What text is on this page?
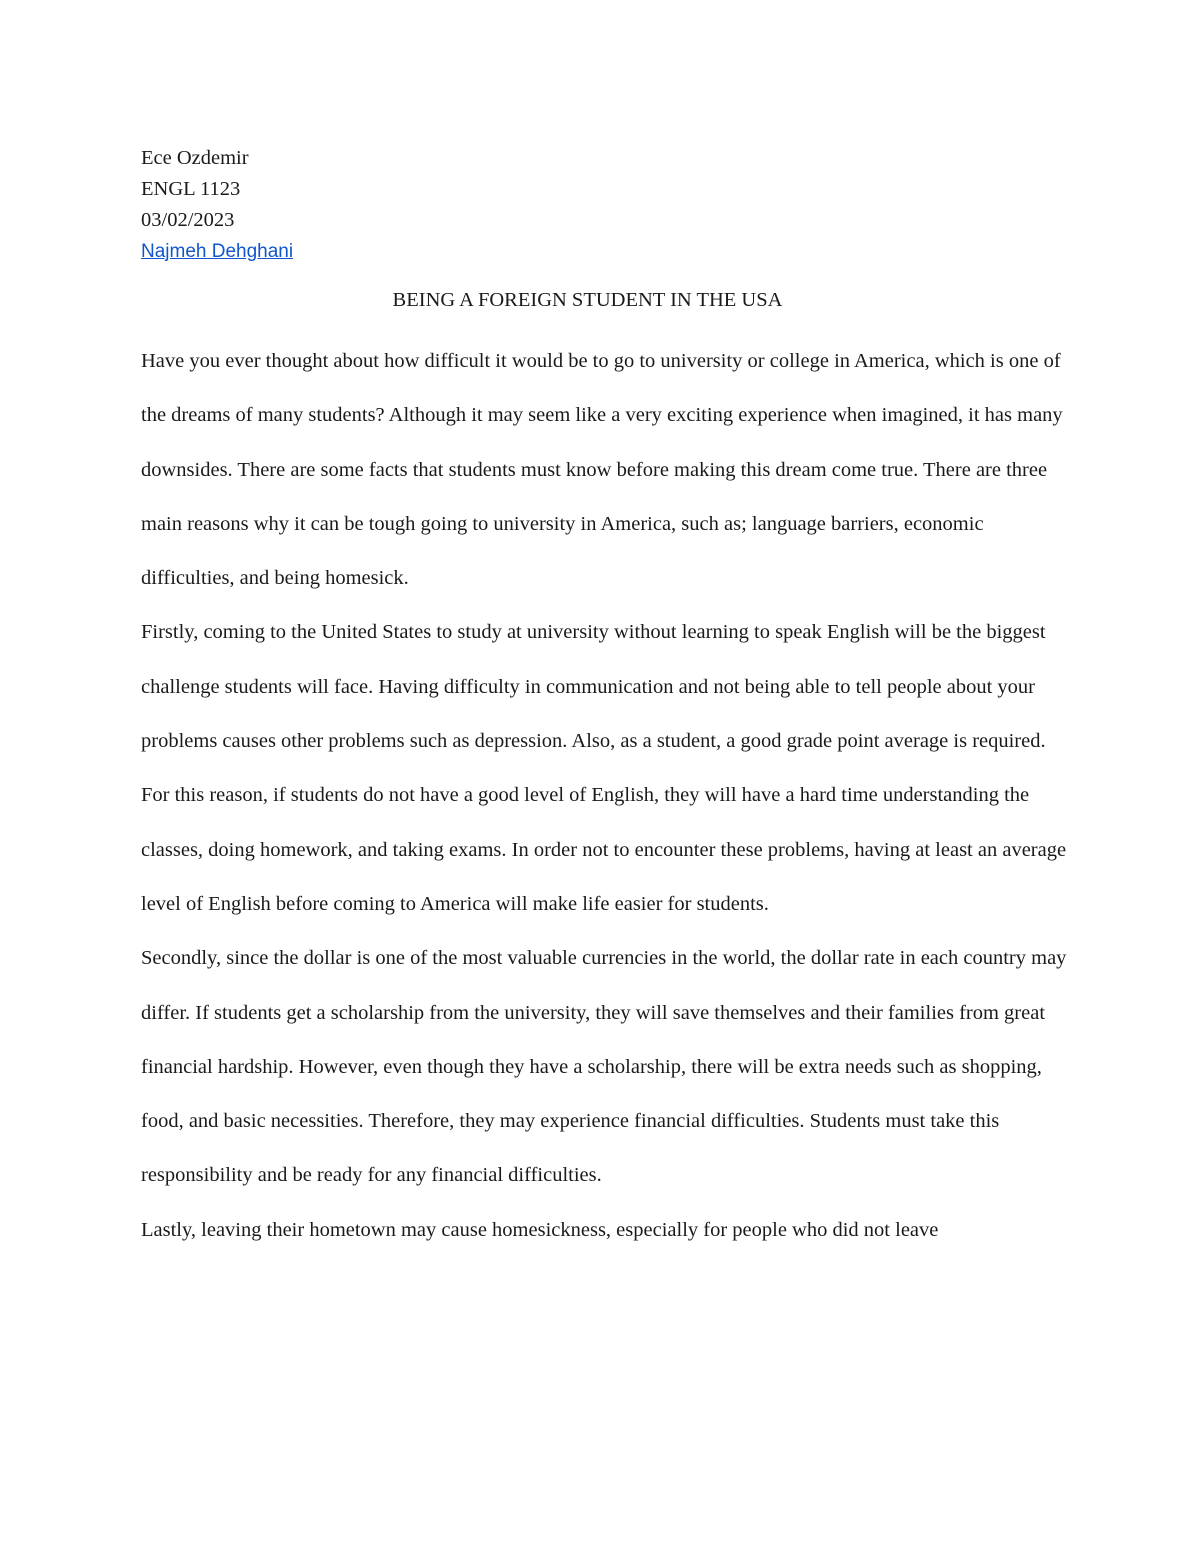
Ece Ozdemir
ENGL 1123
03/02/2023
Najmeh Dehghani
BEING A FOREIGN STUDENT IN THE USA

Have you ever thought about how difficult it would be to go to university or college in America, which is one of the dreams of many students? Although it may seem like a very exciting experience when imagined, it has many downsides. There are some facts that students must know before making this dream come true. There are three main reasons why it can be tough going to university in America, such as; language barriers, economic difficulties, and being homesick.

Firstly, coming to the United States to study at university without learning to speak English will be the biggest challenge students will face. Having difficulty in communication and not being able to tell people about your problems causes other problems such as depression. Also, as a student, a good grade point average is required. For this reason, if students do not have a good level of English, they will have a hard time understanding the classes, doing homework, and taking exams. In order not to encounter these problems, having at least an average level of English before coming to America will make life easier for students.

Secondly, since the dollar is one of the most valuable currencies in the world, the dollar rate in each country may differ. If students get a scholarship from the university, they will save themselves and their families from great financial hardship. However, even though they have a scholarship, there will be extra needs such as shopping, food, and basic necessities. Therefore, they may experience financial difficulties. Students must take this responsibility and be ready for any financial difficulties.

Lastly, leaving their hometown may cause homesickness, especially for people who did not leave
